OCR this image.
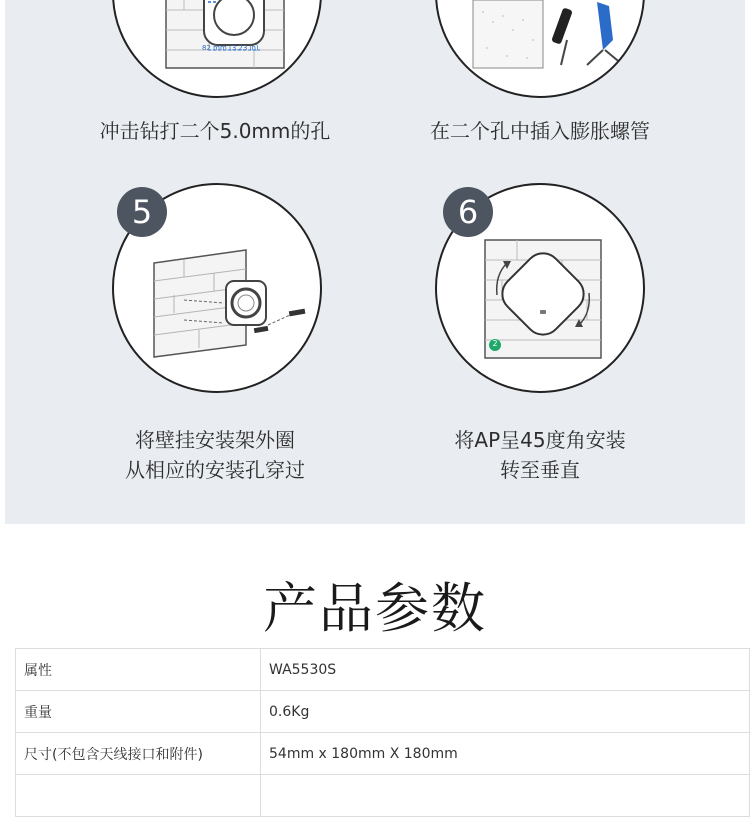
82 mm (3.23 in)
冲击钻打二个5.0mm的孔	在二个孔中插入膨胀螺管
5
将壁挂安装架外圈
从相应的安装孔穿过
2
6
将AP呈45度角安装
转至垂直
产品参数
属性	WA5530S
重量	0.6Kg
尺寸(不包含天线接口和附件)	54mm x 180mm X 180mm
